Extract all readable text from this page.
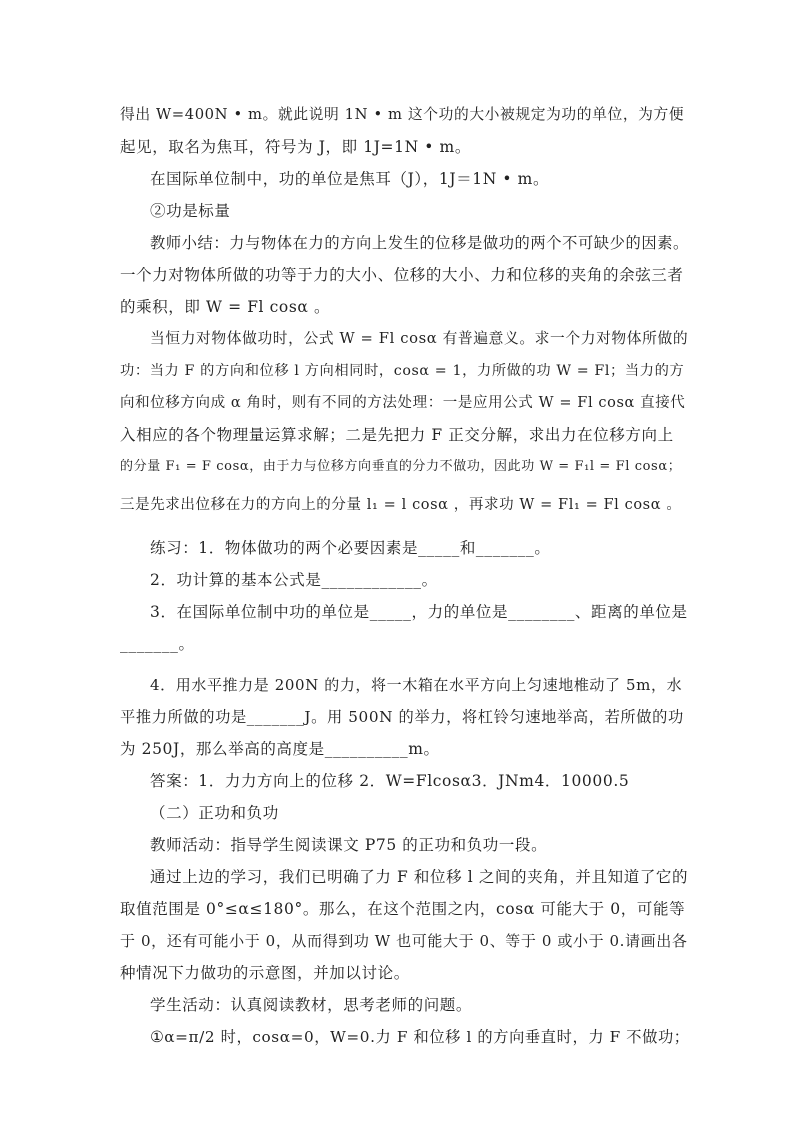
得出 W=400N • m。就此说明 1N • m 这个功的大小被规定为功的单位，为方便
起见，取名为焦耳，符号为 J，即 1J=1N • m。
在国际单位制中，功的单位是焦耳（J），1J＝1N • m。
②功是标量
教师小结：力与物体在力的方向上发生的位移是做功的两个不可缺少的因素。
一个力对物体所做的功等于力的大小、位移的大小、力和位移的夹角的余弦三者
的乘积，即 W = Fl cosα 。
当恒力对物体做功时，公式 W = Fl cosα 有普遍意义。求一个力对物体所做的
功：当力 F 的方向和位移 l 方向相同时，cosα = 1，力所做的功 W = Fl；当力的方
向和位移方向成 α 角时，则有不同的方法处理：一是应用公式 W = Fl cosα 直接代
入相应的各个物理量运算求解；二是先把力 F 正交分解，求出力在位移方向上
的分量 F₁ = F cosα，由于力与位移方向垂直的分力不做功，因此功 W = F₁l = Fl cosα；
三是先求出位移在力的方向上的分量 l₁ = l cosα ，再求功 W = Fl₁ = Fl cosα 。
练习：1．物体做功的两个必要因素是_____和_______。
2．功计算的基本公式是____________。
3．在国际单位制中功的单位是_____，力的单位是________、距离的单位是
_______。
4．用水平推力是 200N 的力，将一木箱在水平方向上匀速地椎动了 5m，水
平推力所做的功是_______J。用 500N 的举力，将杠铃匀速地举高，若所做的功
为 250J，那么举高的高度是__________m。
答案：1．力力方向上的位移 2．W=Flcosα3．JNm4．10000.5
（二）正功和负功
教师活动：指导学生阅读课文 P75 的正功和负功一段。
通过上边的学习，我们已明确了力 F 和位移 l 之间的夹角，并且知道了它的
取值范围是 0°≤α≤180°。那么，在这个范围之内，cosα 可能大于 0，可能等
于 0，还有可能小于 0，从而得到功 W 也可能大于 0、等于 0 或小于 0.请画出各
种情况下力做功的示意图，并加以讨论。
学生活动：认真阅读教材，思考老师的问题。
①α=π/2 时，cosα=0，W=0.力 F 和位移 l 的方向垂直时，力 F 不做功；
